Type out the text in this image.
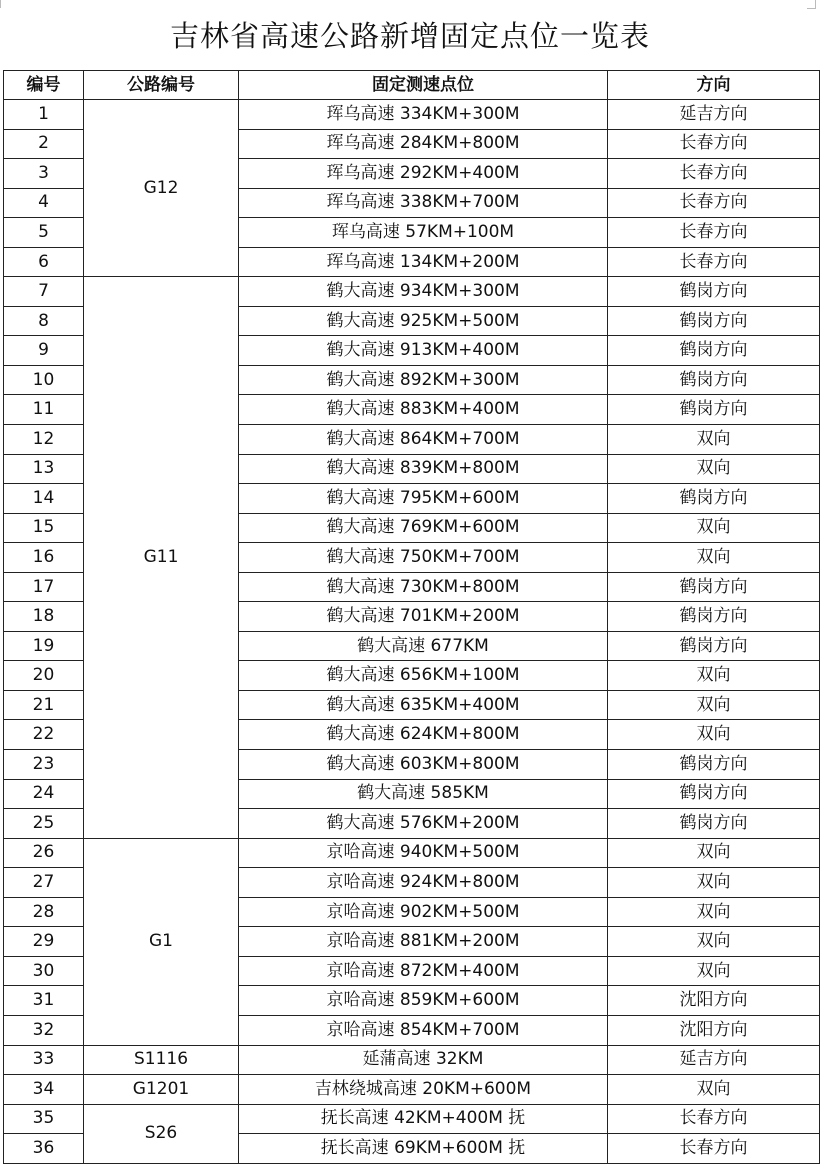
吉林省高速公路新增固定点位一览表
编号	公路编号	固定测速点位	方向
1	G12	珲乌高速 334KM+300M	延吉方向
2		珲乌高速 284KM+800M	长春方向
3		珲乌高速 292KM+400M	长春方向
4		珲乌高速 338KM+700M	长春方向
5		珲乌高速 57KM+100M	长春方向
6		珲乌高速 134KM+200M	长春方向
7	G11	鹤大高速 934KM+300M	鹤岗方向
8		鹤大高速 925KM+500M	鹤岗方向
9		鹤大高速 913KM+400M	鹤岗方向
10		鹤大高速 892KM+300M	鹤岗方向
11		鹤大高速 883KM+400M	鹤岗方向
12		鹤大高速 864KM+700M	双向
13		鹤大高速 839KM+800M	双向
14		鹤大高速 795KM+600M	鹤岗方向
15		鹤大高速 769KM+600M	双向
16		鹤大高速 750KM+700M	双向
17		鹤大高速 730KM+800M	鹤岗方向
18		鹤大高速 701KM+200M	鹤岗方向
19		鹤大高速 677KM	鹤岗方向
20		鹤大高速 656KM+100M	双向
21		鹤大高速 635KM+400M	双向
22		鹤大高速 624KM+800M	双向
23		鹤大高速 603KM+800M	鹤岗方向
24		鹤大高速 585KM	鹤岗方向
25		鹤大高速 576KM+200M	鹤岗方向
26	G1	京哈高速 940KM+500M	双向
27		京哈高速 924KM+800M	双向
28		京哈高速 902KM+500M	双向
29		京哈高速 881KM+200M	双向
30		京哈高速 872KM+400M	双向
31		京哈高速 859KM+600M	沈阳方向
32		京哈高速 854KM+700M	沈阳方向
33	S1116	延蒲高速 32KM	延吉方向
34	G1201	吉林绕城高速 20KM+600M	双向
35	S26	抚长高速 42KM+400M 抚	长春方向
36		抚长高速 69KM+600M 抚	长春方向
